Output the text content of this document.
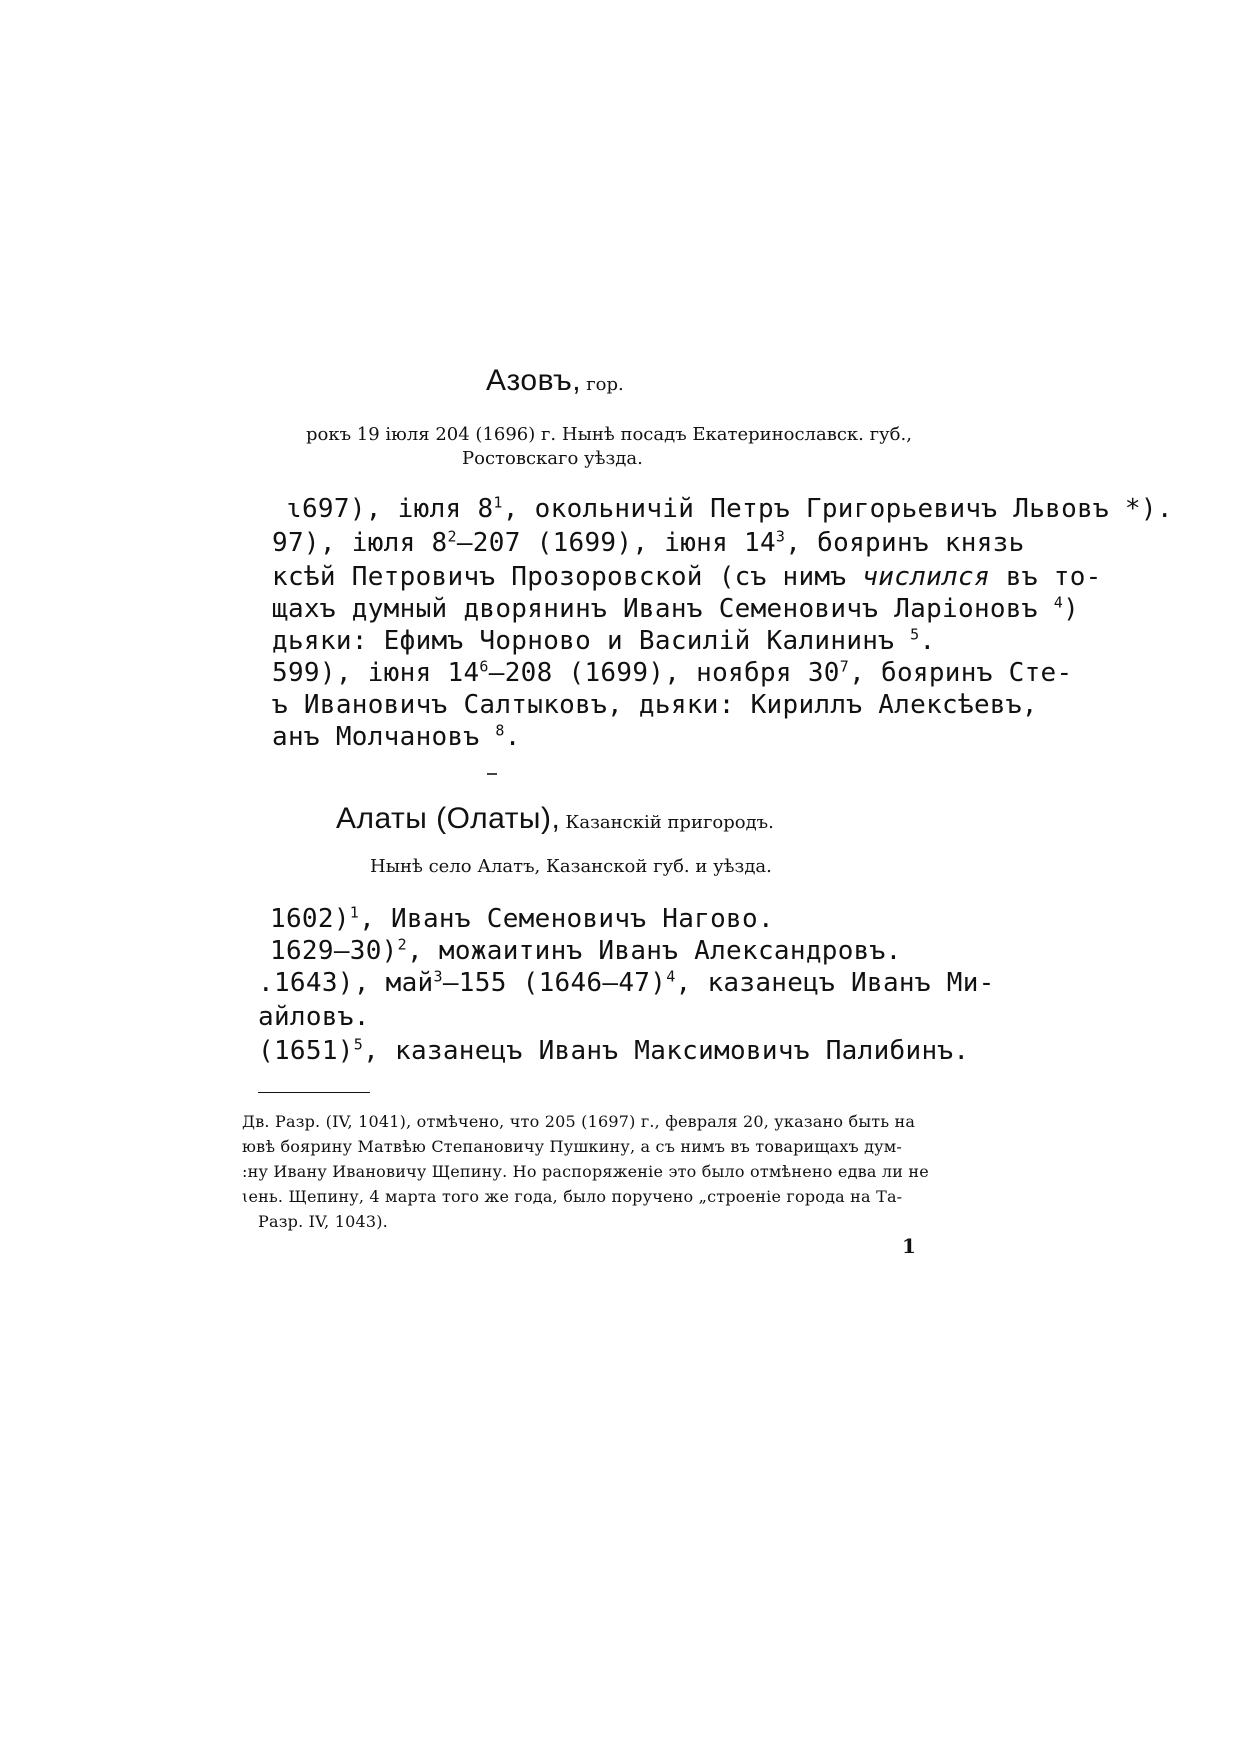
Азовъ, гор.
рокъ 19 іюля 204 (1696) г. Нынѣ посадъ Екатеринославск. губ.,
Ростовскаго уѣзда.
ɩ697), іюля $8^1$, окольничій Петръ Григорьевичъ Львовъ *).
97), іюля $8^2—207$ (1699), іюня $14^3$, бояринъ князь
ксѣй Петровичъ Прозоровской (съ нимъ числился въ то-
щахъ думный дворянинъ Иванъ Семеновичъ Ларіоновъ $^4$)
дьяки: Ефимъ Чорново и Василій Калининъ $^5$.
599), іюня $14^6—208$ (1699), ноября $30^7$, бояринъ Сте-
ъ Ивановичъ Салтыковъ, дьяки: Кириллъ Алексѣевъ,
анъ Молчановъ $^8$.
Алаты (Олаты), Казанскій пригородъ.
Нынѣ село Алатъ, Казанской губ. и уѣзда.
1602)$^1$, Иванъ Семеновичъ Нагово.
1629—30)$^2$, можаитинъ Иванъ Александровъ.
.1643), май$^3$—155 (1646—47)$^4$, казанецъ Иванъ Ми-
айловъ.
$(1651)^5$, казанецъ Иванъ Максимовичъ Палибинъ.
Дв. Разр. (IV, 1041), отмѣчено, что 205 (1697) г., февраля 20, указано быть на
ювѣ боярину Матвѣю Степановичу Пушкину, а съ нимъ въ товарищахъ дум-
:ну Ивану Ивановичу Щепину. Но распоряженіе это было отмѣнено едва ли не
ɩень. Щепину, 4 марта того же года, было поручено „строеніе города на Та-
Разр. IV, 1043).
1
